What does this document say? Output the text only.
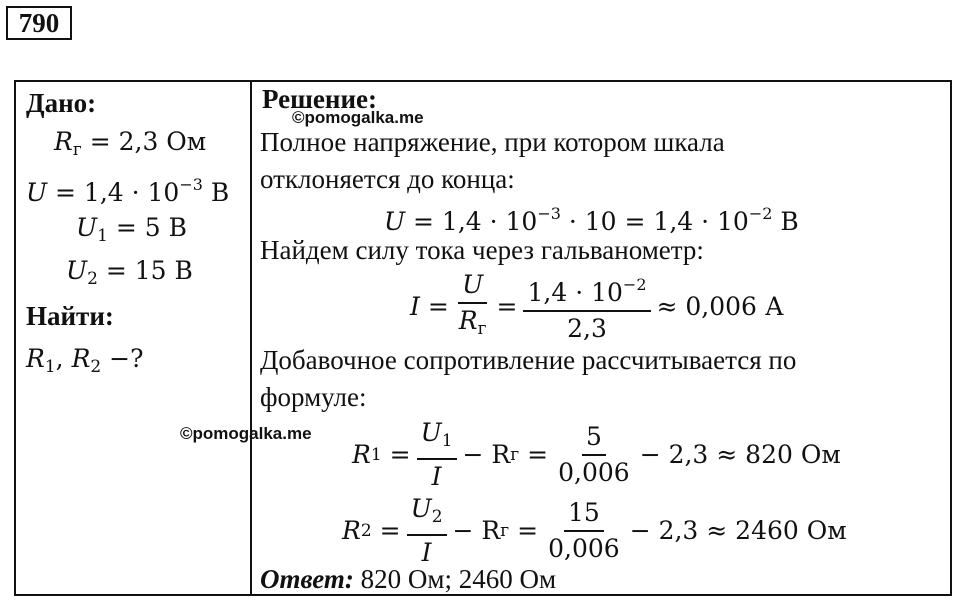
790
Дано:
$R_г = 2,3$ Ом
$U = 1,4 \cdot 10^{-3}$ В
$U_1 = 5$ В
$U_2 = 15$ В
Найти:
$R_1$, $R_2$ −?
Решение:
©pomogalka.me
Полное напряжение, при котором шкала
отклоняется до конца:
$U = 1,4 \cdot 10^{-3} \cdot 10 = 1,4 \cdot 10^{-2}$ В
Найдем силу тока через гальванометр:
$I = \frac{U}{R_г} = \frac{1,4 \cdot 10^{-2}}{2,3} \approx 0,006$ А
Добавочное сопротивление рассчитывается по
формуле:
©pomogalka.me
R $1 = \frac{U_1}{I} - R$ $г = \frac{5}{0,006} - 2,3 \approx 820$ Ом
R $2 = \frac{U_2}{I} - R$ $г = \frac{15}{0,006} - 2,3 \approx 2460$ Ом
Ответ: 820 Ом; 2460 Ом
